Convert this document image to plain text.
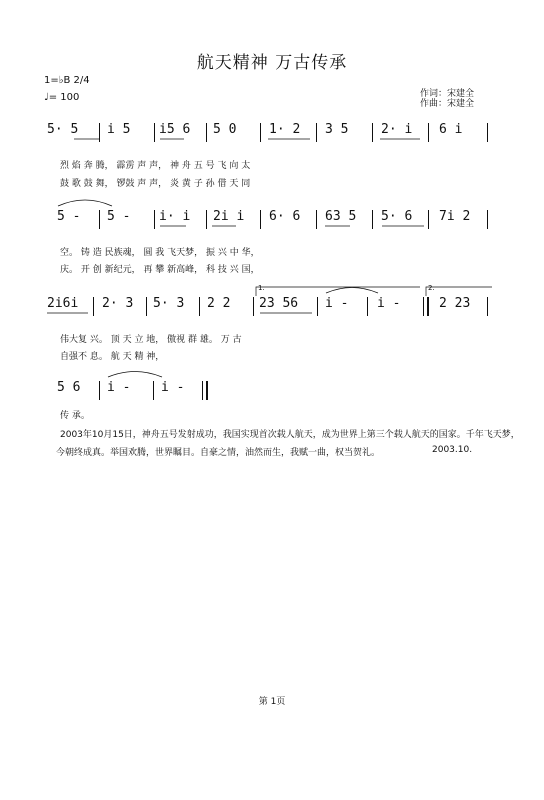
航天精神 万古传承
1=♭B 2/4
♩= 100	作词：宋建全
作曲：宋建全
5· 5 i 5 i5 6 5 0	1· 2 3 5	2· i 6 i
烈 焰 奔 腾， 霹雳 声 声， 神 舟 五 号 飞 向 太
鼓 歌 鼓 舞， 锣鼓 声 声， 炎 黄 子 孙 借 天 同
5 - 5 - i· i 2i i 6· 6 63 5 5· 6 7i 2
空。 铸 造 民族魂， 圆 我 飞天梦， 振 兴 中 华，
庆。 开 创 新纪元， 再 攀 新高峰， 科 技 兴 国，
2i6i 2· 3 5· 3 2 2 23 56 i - i -	2 23
1.	2.
伟大复 兴。 顶 天 立 地， 傲视 群 雄。 万 古
自强不 息。 航 天 精 神，
5 6 i - i -
传 承。
2003年10月15日，神舟五号发射成功，我国实现首次载人航天，成为世界上第三个载人航天的国家。千年飞天梦，
今朝终成真。举国欢腾，世界瞩目。自豪之情，油然而生，我赋一曲，权当贺礼。	2003.10.
第 1页
